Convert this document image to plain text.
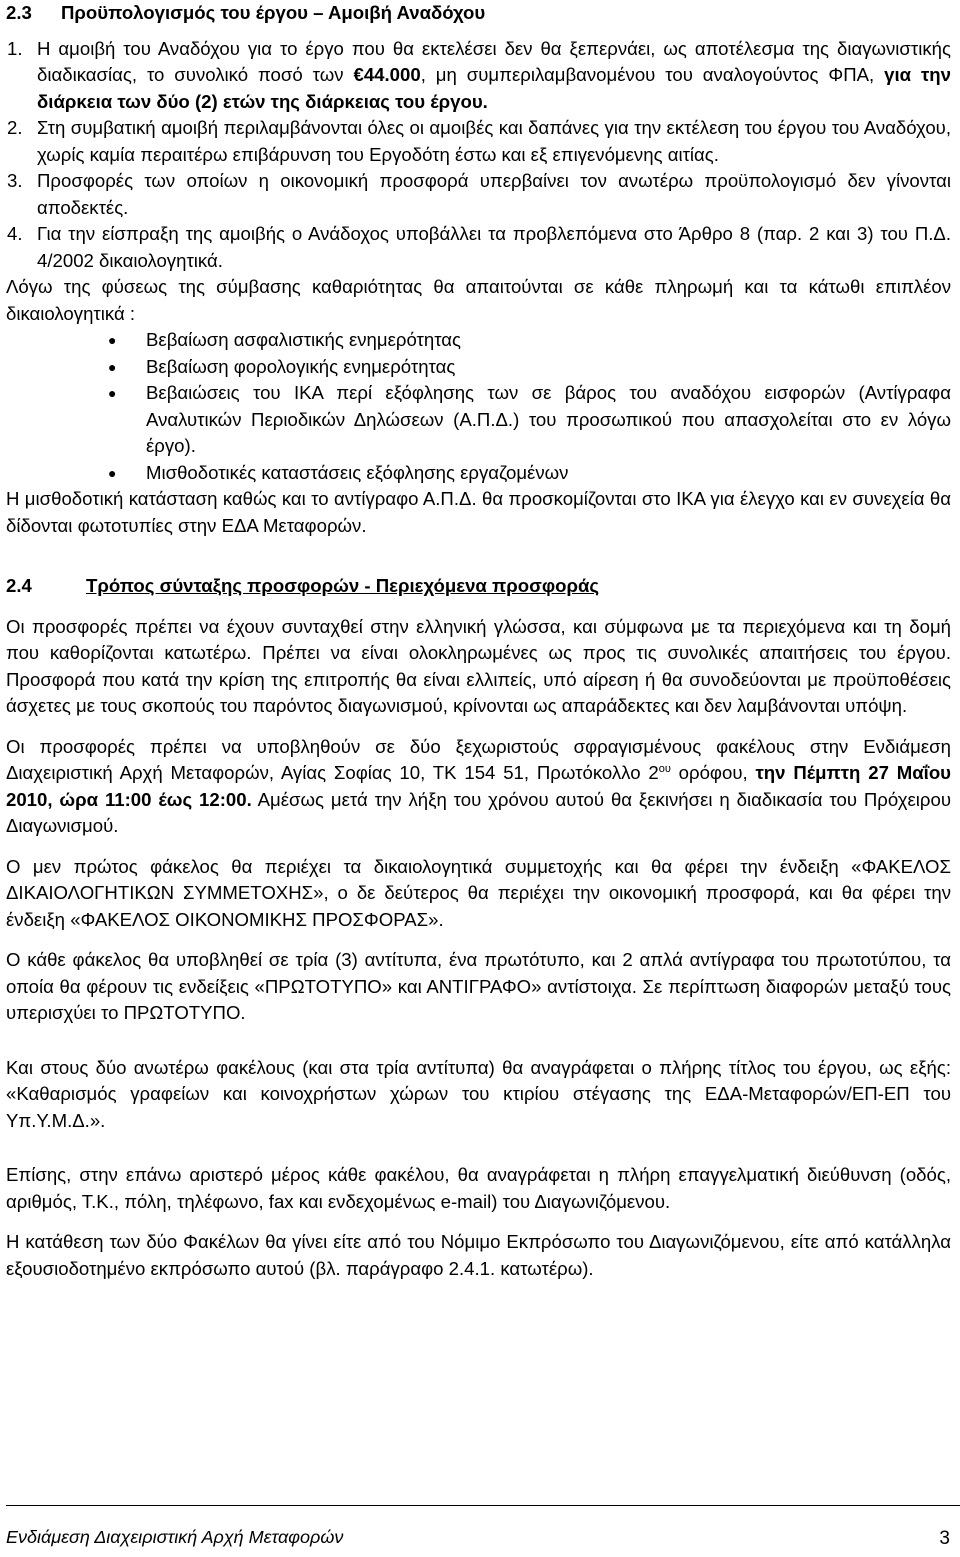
2.3 Προϋπολογισμός του έργου – Αμοιβή Αναδόχου
1. Η αμοιβή του Αναδόχου για το έργο που θα εκτελέσει δεν θα ξεπερνάει, ως αποτέλεσμα της διαγωνιστικής διαδικασίας, το συνολικό ποσό των €44.000, μη συμπεριλαμβανομένου του αναλογούντος ΦΠΑ, για την διάρκεια των δύο (2) ετών της διάρκειας του έργου.
2. Στη συμβατική αμοιβή περιλαμβάνονται όλες οι αμοιβές και δαπάνες για την εκτέλεση του έργου του Αναδόχου, χωρίς καμία περαιτέρω επιβάρυνση του Εργοδότη έστω και εξ επιγενόμενης αιτίας.
3. Προσφορές των οποίων η οικονομική προσφορά υπερβαίνει τον ανωτέρω προϋπολογισμό δεν γίνονται αποδεκτές.
4. Για την είσπραξη της αμοιβής ο Ανάδοχος υποβάλλει τα προβλεπόμενα στο Άρθρο 8 (παρ. 2 και 3) του Π.Δ. 4/2002 δικαιολογητικά.

Λόγω της φύσεως της σύμβασης καθαριότητας θα απαιτούνται σε κάθε πληρωμή και τα κάτωθι επιπλέον δικαιολογητικά :

●	Βεβαίωση ασφαλιστικής ενημερότητας
●	Βεβαίωση φορολογικής ενημερότητας
●	Βεβαιώσεις του ΙΚΑ περί εξόφλησης των σε βάρος του αναδόχου εισφορών (Αντίγραφα Αναλυτικών Περιοδικών Δηλώσεων (Α.Π.Δ.) του προσωπικού που απασχολείται στο εν λόγω έργο).
●	Μισθοδοτικές καταστάσεις εξόφλησης εργαζομένων

Η μισθοδοτική κατάσταση καθώς και το αντίγραφο Α.Π.Δ. θα προσκομίζονται στο ΙΚΑ για έλεγχο και εν συνεχεία θα δίδονται φωτοτυπίες στην ΕΔΑ Μεταφορών.

2.4	Τρόπος σύνταξης προσφορών - Περιεχόμενα προσφοράς

Οι προσφορές πρέπει να έχουν συνταχθεί στην ελληνική γλώσσα, και σύμφωνα με τα περιεχόμενα και τη δομή που καθορίζονται κατωτέρω. Πρέπει να είναι ολοκληρωμένες ως προς τις συνολικές απαιτήσεις του έργου. Προσφορά που κατά την κρίση της επιτροπής θα είναι ελλιπείς, υπό αίρεση ή θα συνοδεύονται με προϋποθέσεις άσχετες με τους σκοπούς του παρόντος διαγωνισμού, κρίνονται ως απαράδεκτες και δεν λαμβάνονται υπόψη.

Οι προσφορές πρέπει να υποβληθούν σε δύο ξεχωριστούς σφραγισμένους φακέλους στην Ενδιάμεση Διαχειριστική Αρχή Μεταφορών, Αγίας Σοφίας 10, ΤΚ 154 51, Πρωτόκολλο $2^{o\upsilon}$ ορόφου, την Πέμπτη 27 Μαΐου 2010, ώρα 11:00 έως 12:00. Αμέσως μετά την λήξη του χρόνου αυτού θα ξεκινήσει η διαδικασία του Πρόχειρου Διαγωνισμού.

Ο μεν πρώτος φάκελος θα περιέχει τα δικαιολογητικά συμμετοχής και θα φέρει την ένδειξη «ΦΑΚΕΛΟΣ ΔΙΚΑΙΟΛΟΓΗΤΙΚΩΝ ΣΥΜΜΕΤΟΧΗΣ», ο δε δεύτερος θα περιέχει την οικονομική προσφορά, και θα φέρει την ένδειξη «ΦΑΚΕΛΟΣ ΟΙΚΟΝΟΜΙΚΗΣ ΠΡΟΣΦΟΡΑΣ».

Ο κάθε φάκελος θα υποβληθεί σε τρία (3) αντίτυπα, ένα πρωτότυπο, και 2 απλά αντίγραφα του πρωτοτύπου, τα οποία θα φέρουν τις ενδείξεις «ΠΡΩΤΟΤΥΠΟ» και ΑΝΤΙΓΡΑΦΟ» αντίστοιχα. Σε περίπτωση διαφορών μεταξύ τους υπερισχύει το ΠΡΩΤΟΤΥΠΟ.

Και στους δύο ανωτέρω φακέλους (και στα τρία αντίτυπα) θα αναγράφεται ο πλήρης τίτλος του έργου, ως εξής: «Καθαρισμός γραφείων και κοινοχρήστων χώρων του κτιρίου στέγασης της ΕΔΑ-Μεταφορών/ΕΠ-ΕΠ του Υπ.Υ.Μ.Δ.».

Επίσης, στην επάνω αριστερό μέρος κάθε φακέλου, θα αναγράφεται η πλήρη επαγγελματική διεύθυνση (οδός, αριθμός, Τ.Κ., πόλη, τηλέφωνο, fax και ενδεχομένως e-mail) του Διαγωνιζόμενου.

Η κατάθεση των δύο Φακέλων θα γίνει είτε από του Νόμιμο Εκπρόσωπο του Διαγωνιζόμενου, είτε από κατάλληλα εξουσιοδοτημένο εκπρόσωπο αυτού (βλ. παράγραφο 2.4.1. κατωτέρω).

Ενδιάμεση Διαχειριστική Αρχή Μεταφορών	3
